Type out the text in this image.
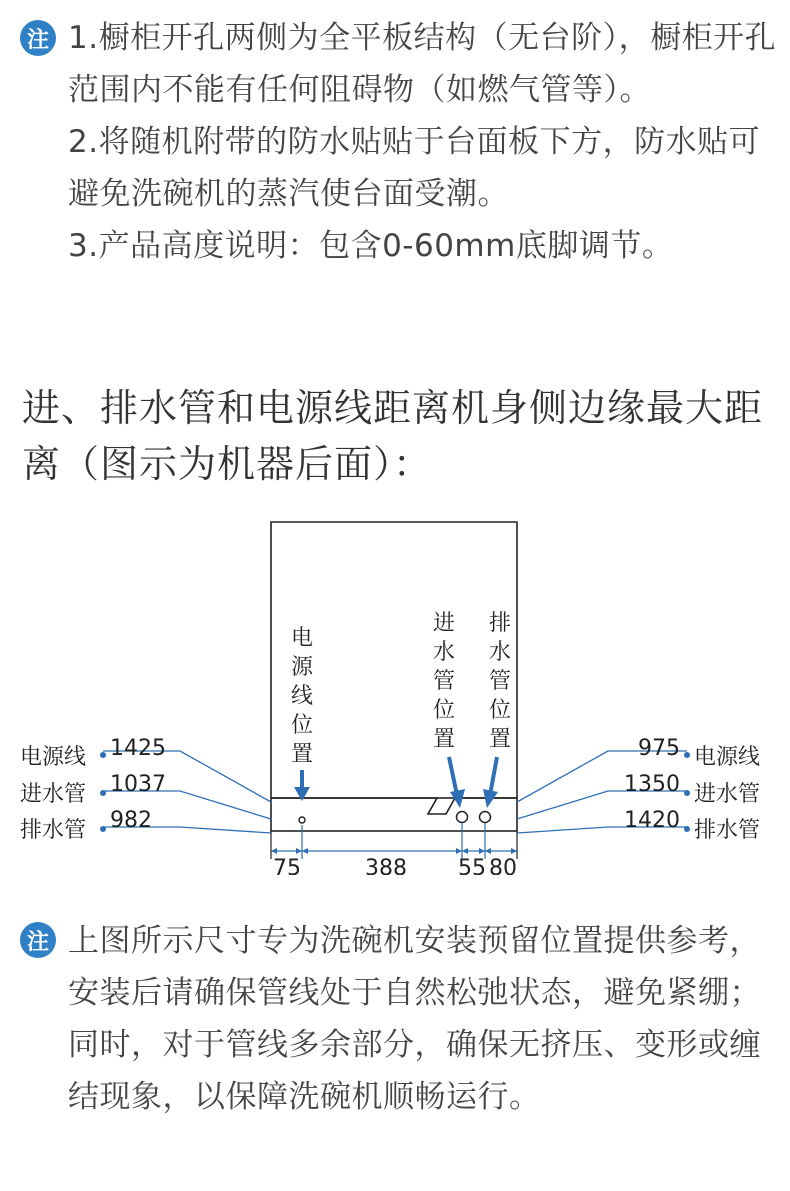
注 1.橱柜开孔两侧为全平板结构（无台阶），橱柜开孔范围内不能有任何阻碍物（如燃气管等）。

2.将随机附带的防水贴贴于台面板下方，防水贴可避免洗碗机的蒸汽使台面受潮。

3.产品高度说明：包含0-60mm底脚调节。

进、排水管和电源线距离机身侧边缘最大距离（图示为机器后面）：
电
源
线
位
置
进
水
管
位
置
排
水
管
位
置
电源线 1425
进水管 1037
排水管 982
975 电源线
1350 进水管
1420 排水管
75	388 55 80
注 上图所示尺寸专为洗碗机安装预留位置提供参考，安装后请确保管线处于自然松弛状态，避免紧绷；同时，对于管线多余部分，确保无挤压、变形或缠结现象，以保障洗碗机顺畅运行。
